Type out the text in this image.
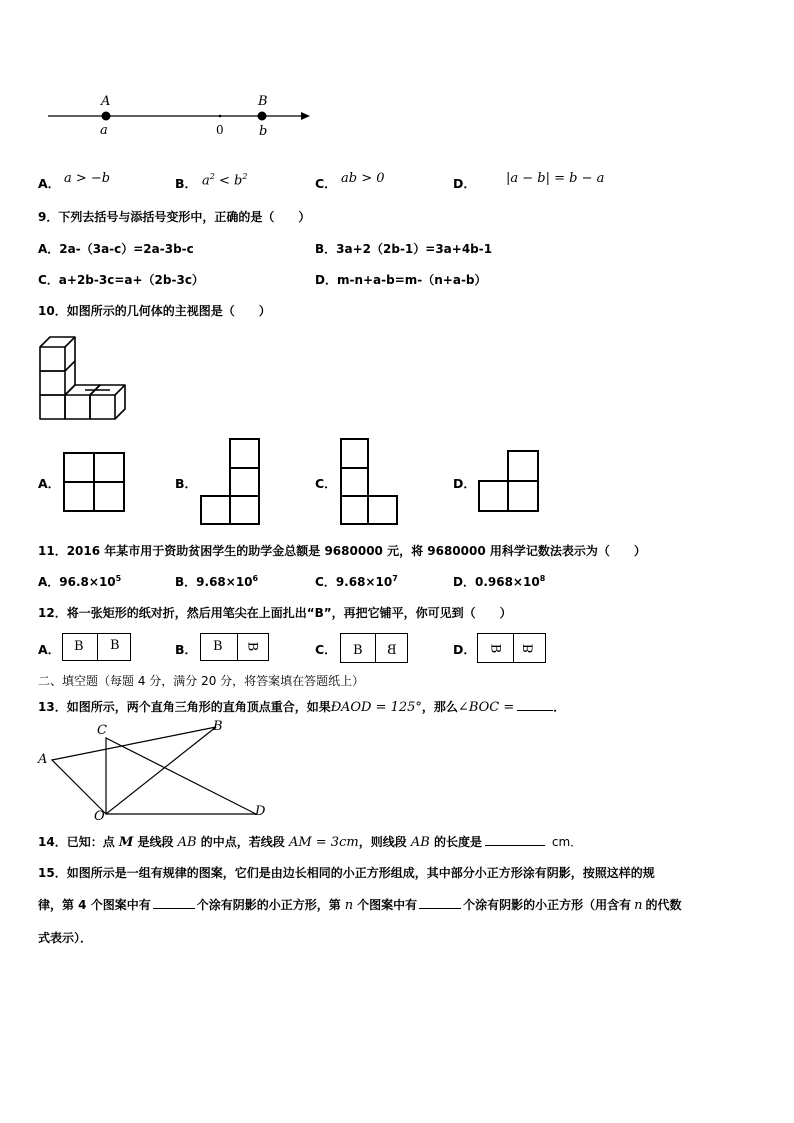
A	B
a	0	b
A． a > −b	B． $a^2 < b^2$	C． ab > 0	D． |a − b| = b − a
9．下列去括号与添括号变形中，正确的是（　　）
A．2a-（3a-c）=2a-3b-c	B．3a+2（2b-1）=3a+4b-1
C．a+2b-3c=a+（2b-3c）	D．m-n+a-b=m-（n+a-b）
10．如图所示的几何体的主视图是（　　）
A．	B．	C．	D．
11．2016 年某市用于资助贫困学生的助学金总额是 9680000 元，将 9680000 用科学记数法表示为（　　）
A．$96.8\times 10^5$	B．$9.68\times 10^6$	C．$9.68\times 10^7$	D．$0.968\times 10^8$
12．将一张矩形的纸对折，然后用笔尖在上面扎出“B”，再把它铺平，你可见到（　　）
A． B B	B． B B	C． B B	D． B B
二、填空题（每题 4 分，满分 20 分，将答案填在答题纸上）
13．如图所示，两个直角三角形的直角顶点重合，如果ÐAOD = 125°，那么∠BOC =	．
A
B
C
O	D
14．已知：点 M 是线段 AB 的中点，若线段 AM = 3cm，则线段 AB 的长度是	cm．
15．如图所示是一组有规律的图案，它们是由边长相同的小正方形组成，其中部分小正方形涂有阴影，按照这样的规
律，第 4 个图案中有	个涂有阴影的小正方形，第 n 个图案中有	个涂有阴影的小正方形（用含有 n 的代数
式表示）．
